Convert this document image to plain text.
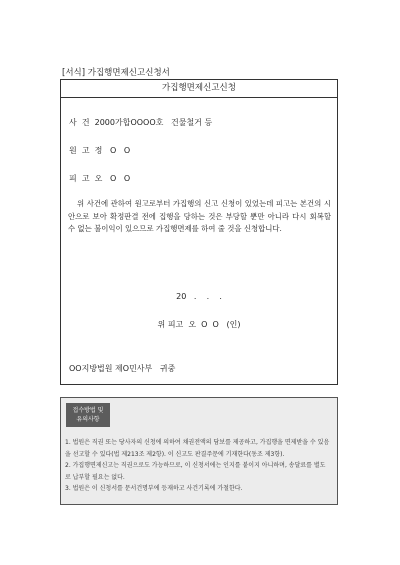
[서식] 가집행면제신고신청서
가집행면제신고신청
사  건  2000가합OOOO호   건물철거 등
원  고  정   O   O
피  고  오   O   O
위 사건에 관하여 원고로부터 가집행의 신고 신청이 있었는데 피고는 본건의 시안으로 보아 확정판결 전에 집행을 당하는 것은 부당할 뿐만 아니라 다시 회복할 수 없는 불이익이 있으므로 가집행면제를 하여 줄 것을 신청합니다.
20   .    .    .
위 피고  오  O  O   (인)
OO지방법원 제O민사부   귀중
접수방법 및
유의사항

1. 법원은 직권 또는 당사자의 신청에 의하여 채권전액의 담보를 제공하고, 가집행을 면제받을 수 있음을 선고할 수 있다(법 제213조 제2항). 이 신고도 판결주문에 기재한다(동조 제3항).

2. 가집행면제신고는 직권으로도 가능하므로, 이 신청서에는 인지를 붙이지 아니하며, 송달료를 별도로 납부할 필요는 없다.

3. 법원은 이 신청서를 문서건명부에 등재하고 사건기록에 가철한다.
